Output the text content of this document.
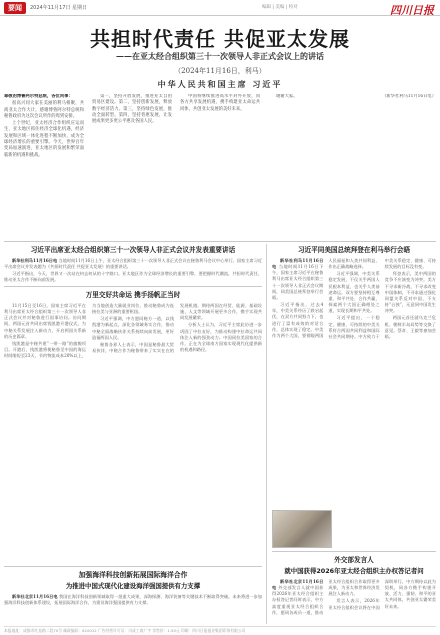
要闻	2024年11月17日 星期日	编辑 | 美编 | 校对	四川日报
共担时代责任 共促亚太发展
——在亚太经合组织第三十一次领导人非正式会议上的讲话
（2024年11月16日，利马）
中华人民共和国主席 习近平

尊敬的博鲁阿尔特总统，各位同事：

很高兴同大家在美丽的利马相聚，共商亚太合作大计。感谢博鲁阿尔特总统和秘鲁政府为这次会议所作的周到安排。

上个世纪，亚太经济合作组织应运而生，亚太地区抓住经济全球化机遇，经济发展和区域一体化进程不断加快，成为全球经济增长的重要引擎。今天，世界百年变局加速演进，亚太地区的发展和繁荣面临新的机遇和挑战。

第一，坚持开放发展，推进亚太自由贸易区建设。第二，坚持创新发展，释放数字经济活力。第三，坚持绿色发展，推动全面转型。第四，坚持普惠发展，让发展成果更多更公平惠及各国人民。

中国将继续推进高水平对外开放，同各方共享发展机遇，携手构建亚太命运共同体，共创亚太发展的美好未来。

谢谢大家。	（新华社利马11月16日电）

习近平出席亚太经合组织第三十一次领导人非正式会议并发表重要讲话

新华社利马11月16日电 当地时间11月16日上午，亚太经合组织第三十一次领导人非正式会议在秘鲁利马会议中心举行。国家主席习近平出席会议并发表题为《共担时代责任 共促亚太发展》的重要讲话。

习近平指出，今天，世界又一次站在何去何从的十字路口。亚太地区作为全球经济增长的重要引擎，要把握时代潮流，共担时代责任，推动亚太合作不断向前发展。

万里交好共命运 携手扬帆正当时

11月15日至16日，国家主席习近平在利马出席亚太经合组织第三十一次领导人非正式会议并对秘鲁进行国事访问。访问期间，两国元首共同出席钱凯港开港仪式，为中秘关系发展注入新动力，开启两国关系新的历史篇章。

钱凯港是中秘共建“一带一路”的旗舰项目。开港后，钱凯港将使秘鲁至中国的海运时间缩短至23天，节约物流成本20%以上，为当地创造大量就业岗位，推动秘鲁成为连接拉美与亚洲的重要枢纽。

习近平强调，中方愿同秘方一道，以钱凯港为新起点，深化各领域务实合作，推动中秘全面战略伙伴关系持续向前发展，更好造福两国人民。

秘鲁各界人士表示，中国是秘鲁最大贸易伙伴，中秘合作为秘鲁带来了实实在在的发展机遇。期待两国在经贸、能源、基础设施、人文等领域开展更多合作，携手实现共同发展繁荣。

分析人士认为，习近平主席此访进一步巩固了中拉友好，为推动构建中拉命运共同体注入新的强劲动力。中国同拉美国家的合作，正在为全球南方国家实现现代化提供新的机遇和路径。

加强海洋科技创新拓展国际海洋合作
为推进中国式现代化建设海洋强国提供有力支撑

新华社北京11月16日电 我国在海洋科技创新领域取得一批重大成果，深海探测、海洋装备等关键技术不断取得突破。未来将进一步加强海洋科技创新体系建设，拓展国际海洋合作，为建设海洋强国提供有力支撑。

习近平同美国总统拜登在利马举行会晤

新华社利马11月16日电 当地时间11月16日下午，国家主席习近平在秘鲁利马出席亚太经合组织第三十一次领导人非正式会议期间，同美国总统拜登举行会晤。

习近平指出，过去4年，中美关系经历了跌宕起伏，在双方共同努力下，也进行了富有成效的对话合作，总体实现了稳定。中美作为两个大国，要着眼两国人民福祉和人类共同利益，作出正确战略选择。

习近平强调，中美关系稳定发展，不仅关乎两国人民根本利益，也关乎人类前途命运。双方要坚持相互尊重、和平共处、合作共赢，探索两个大国正确相处之道，实现长期和平共处。

习近平提出，一个稳定、健康、可持续的中美关系符合两国共同利益和国际社会共同期待。中方致力于中美关系稳定、健康、可持续发展的目标没有变。

拜登表示，美中两国的竞争不应演变为冲突。美方不寻求新冷战，不寻求改变中国体制，不寻求通过强化同盟关系反对中国，不支持“台独”，无意同中国发生冲突。

两国元首还就乌克兰危机、朝鲜半岛局势等交换了意见。蔡奇、王毅等参加会晤。

外交部发言人
就中国获得2026年亚太经合组织主办权答记者问

新华社北京11月16日电 外交部发言人就中国获得2026年亚太经合组织主办权答记者问时表示，中方高度重视亚太经合组织合作，愿同各成员一道，推动亚太经合组织合作取得更多成果，为亚太和世界经济发展注入新动力。

发言人表示，2026年亚太经合组织会议将在中国深圳举行。中方期待以此为契机，同各方携手构建开放、活力、强韧、和平的亚太共同体，共创亚太繁荣美好未来。

本报地址：成都市红星路二段70号 邮政编码：610012 广告经营许可证：川成工商广字 零售价：1.50元 印刷：四川日报报业集团印务有限公司
